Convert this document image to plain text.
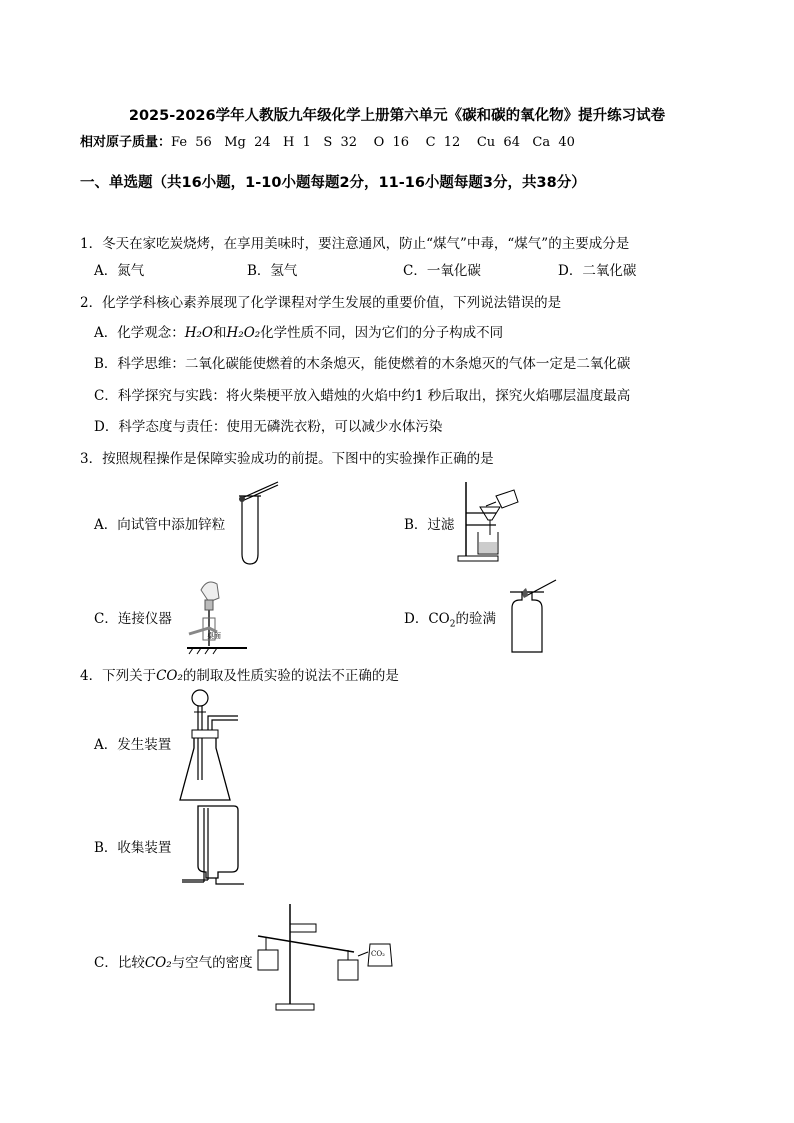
2025-2026学年人教版九年级化学上册第六单元《碳和碳的氧化物》提升练习试卷
相对原子质量：Fe  56   Mg  24   H  1   S  32    O  16    C  12    Cu  64   Ca  40
一、单选题（共16小题，1-10小题每题2分，11-16小题每题3分，共38分）
1．冬天在家吃炭烧烤，在享用美味时，要注意通风，防止“煤气”中毒，“煤气”的主要成分是
A．氮气	B．氢气	C．一氧化碳	D．二氧化碳
2．化学学科核心素养展现了化学课程对学生发展的重要价值，下列说法错误的是
A．化学观念：H₂O和H₂O₂化学性质不同，因为它们的分子构成不同
B．科学思维：二氧化碳能使燃着的木条熄灭，能使燃着的木条熄灭的气体一定是二氧化碳
C．科学探究与实践：将火柴梗平放入蜡烛的火焰中约1 秒后取出，探究火焰哪层温度最高
D．科学态度与责任：使用无磷洗衣粉，可以减少水体污染
3．按照规程操作是保障实验成功的前提。下图中的实验操作正确的是
A．向试管中添加锌粒	B．过滤
C．连接仪器	D．$CO_2$的验满
桌面
4．下列关于CO₂的制取及性质实验的说法不正确的是
A．发生装置
B．收集装置
C．比较CO₂与空气的密度
CO₂
